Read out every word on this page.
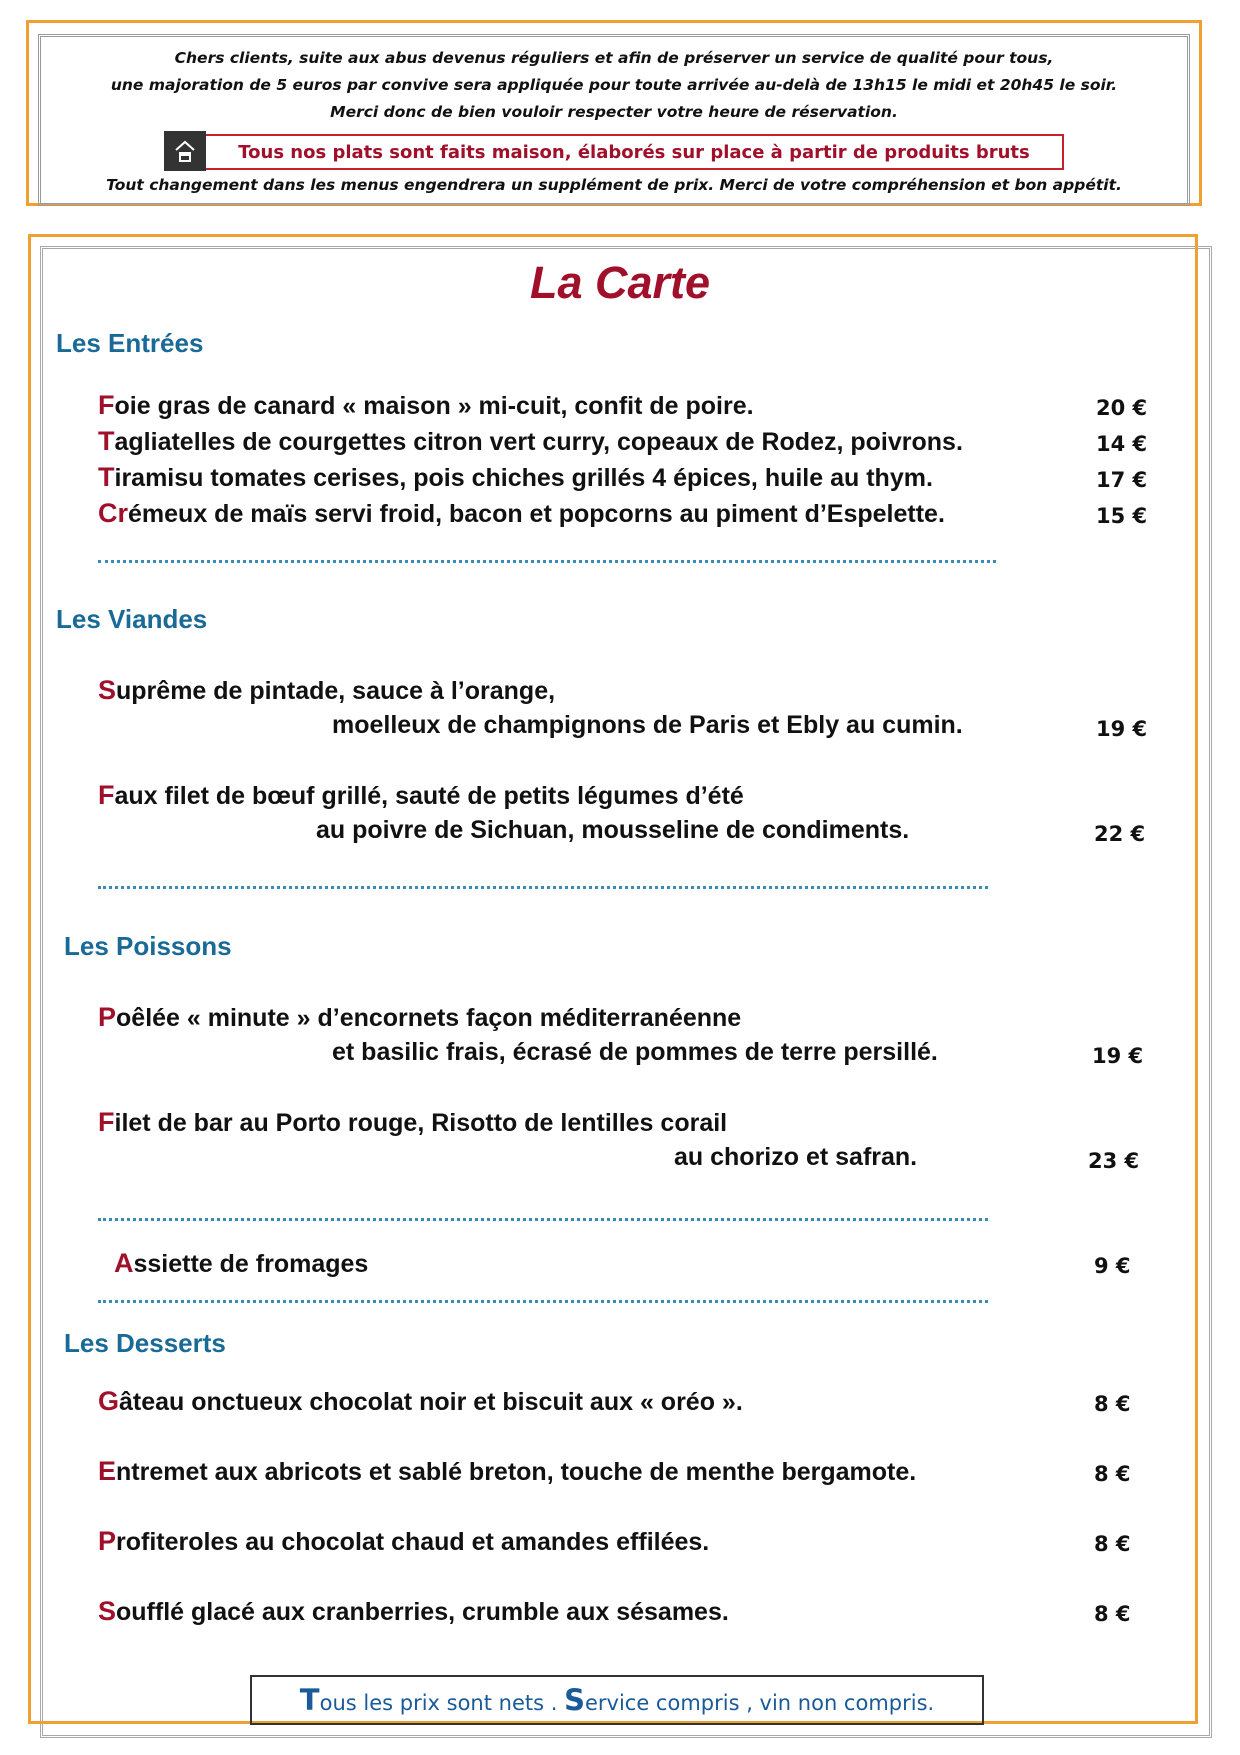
Chers clients, suite aux abus devenus réguliers et afin de préserver un service de qualité pour tous,

une majoration de 5 euros par convive sera appliquée pour toute arrivée au-delà de 13h15 le midi et 20h45 le soir.

Merci donc de bien vouloir respecter votre heure de réservation.

Tous nos plats sont faits maison, élaborés sur place à partir de produits bruts

Tout changement dans les menus engendrera un supplément de prix. Merci de votre compréhension et bon appétit.

La Carte
Les Entrées
Foie gras de canard « maison » mi-cuit, confit de poire.	20 €
Tagliatelles de courgettes citron vert curry, copeaux de Rodez, poivrons.	14 €
Tiramisu tomates cerises, pois chiches grillés 4 épices, huile au thym.	17 €
Crémeux de maïs servi froid, bacon et popcorns au piment d’Espelette.	15 €
Les Viandes
Suprême de pintade, sauce à l’orange,
moelleux de champignons de Paris et Ebly au cumin.	19 €
Faux filet de bœuf grillé, sauté de petits légumes d’été
au poivre de Sichuan, mousseline de condiments.	22 €
Les Poissons
Poêlée « minute » d’encornets façon méditerranéenne
et basilic frais, écrasé de pommes de terre persillé.	19 €
Filet de bar au Porto rouge, Risotto de lentilles corail
au chorizo et safran.	23 €
Assiette de fromages	9 €
Les Desserts
Gâteau onctueux chocolat noir et biscuit aux « oréo ».	8 €
Entremet aux abricots et sablé breton, touche de menthe bergamote.	8 €
Profiteroles au chocolat chaud et amandes effilées.	8 €
Soufflé glacé aux cranberries, crumble aux sésames.	8 €
Tous les prix sont nets . Service compris , vin non compris.
